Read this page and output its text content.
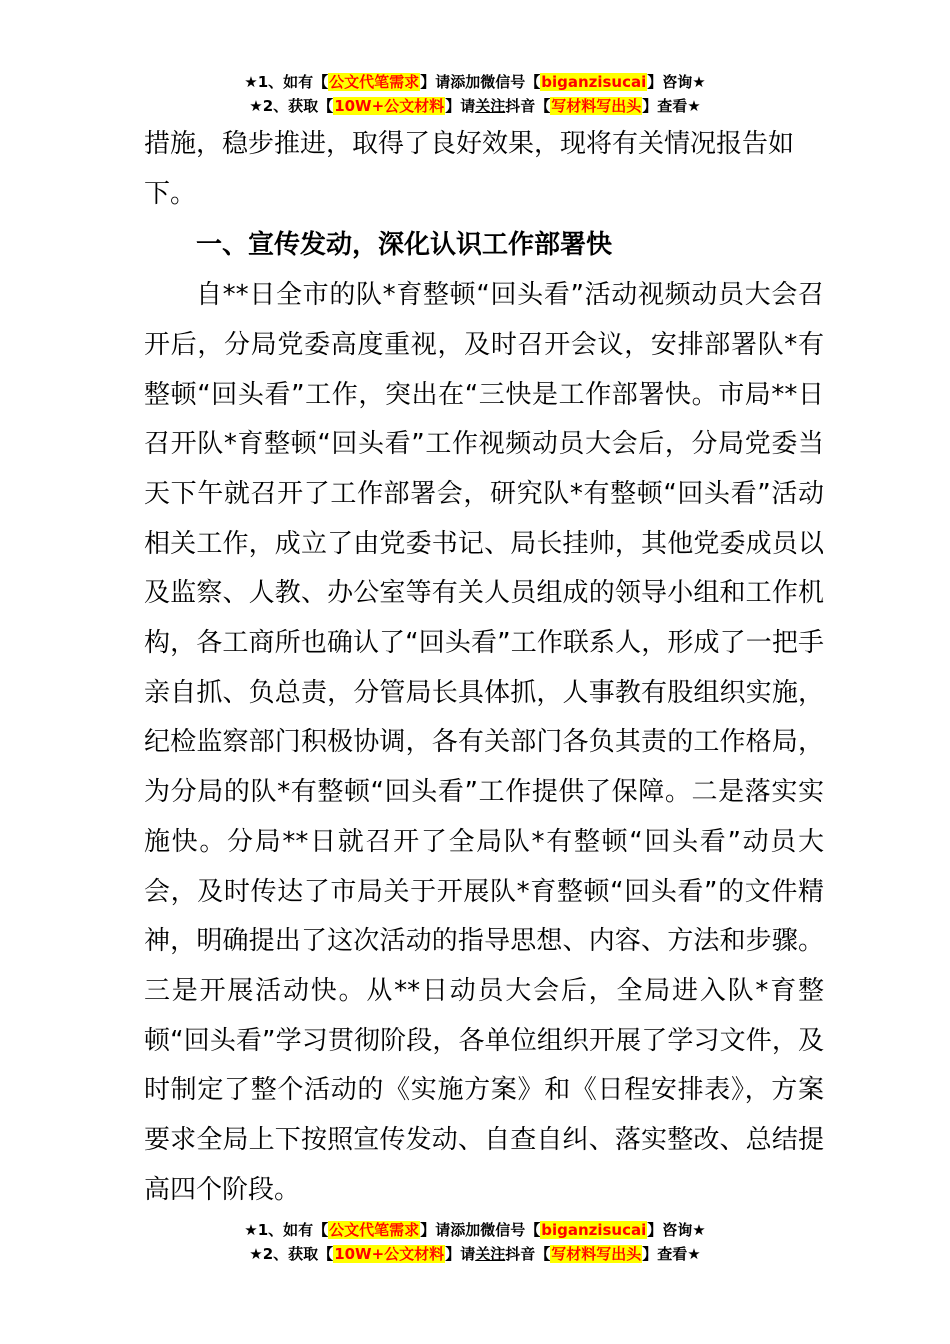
★1、如有【公文代笔需求】请添加微信号【biganzisucai】咨询★
★2、获取【10W+公文材料】请关注抖音【写材料写出头】查看★

措施，稳步推进，取得了良好效果，现将有关情况报告如下。

一、宣传发动，深化认识工作部署快

自**日全市的队*育整顿“回头看”活动视频动员大会召开后，分局党委高度重视，及时召开会议，安排部署队*有整顿“回头看”工作，突出在“三快是工作部署快。市局**日召开队*育整顿“回头看”工作视频动员大会后，分局党委当天下午就召开了工作部署会，研究队*有整顿“回头看”活动相关工作，成立了由党委书记、局长挂帅，其他党委成员以及监察、人教、办公室等有关人员组成的领导小组和工作机构，各工商所也确认了“回头看”工作联系人，形成了一把手亲自抓、负总责，分管局长具体抓，人事教有股组织实施，纪检监察部门积极协调，各有关部门各负其责的工作格局，为分局的队*有整顿“回头看”工作提供了保障。二是落实实施快。分局**日就召开了全局队*有整顿“回头看”动员大会，及时传达了市局关于开展队*育整顿“回头看”的文件精神，明确提出了这次活动的指导思想、内容、方法和步骤。三是开展活动快。从**日动员大会后，全局进入队*育整顿“回头看”学习贯彻阶段，各单位组织开展了学习文件，及时制定了整个活动的《实施方案》和《日程安排表》，方案要求全局上下按照宣传发动、自查自纠、落实整改、总结提高四个阶段。

★1、如有【公文代笔需求】请添加微信号【biganzisucai】咨询★
★2、获取【10W+公文材料】请关注抖音【写材料写出头】查看★
